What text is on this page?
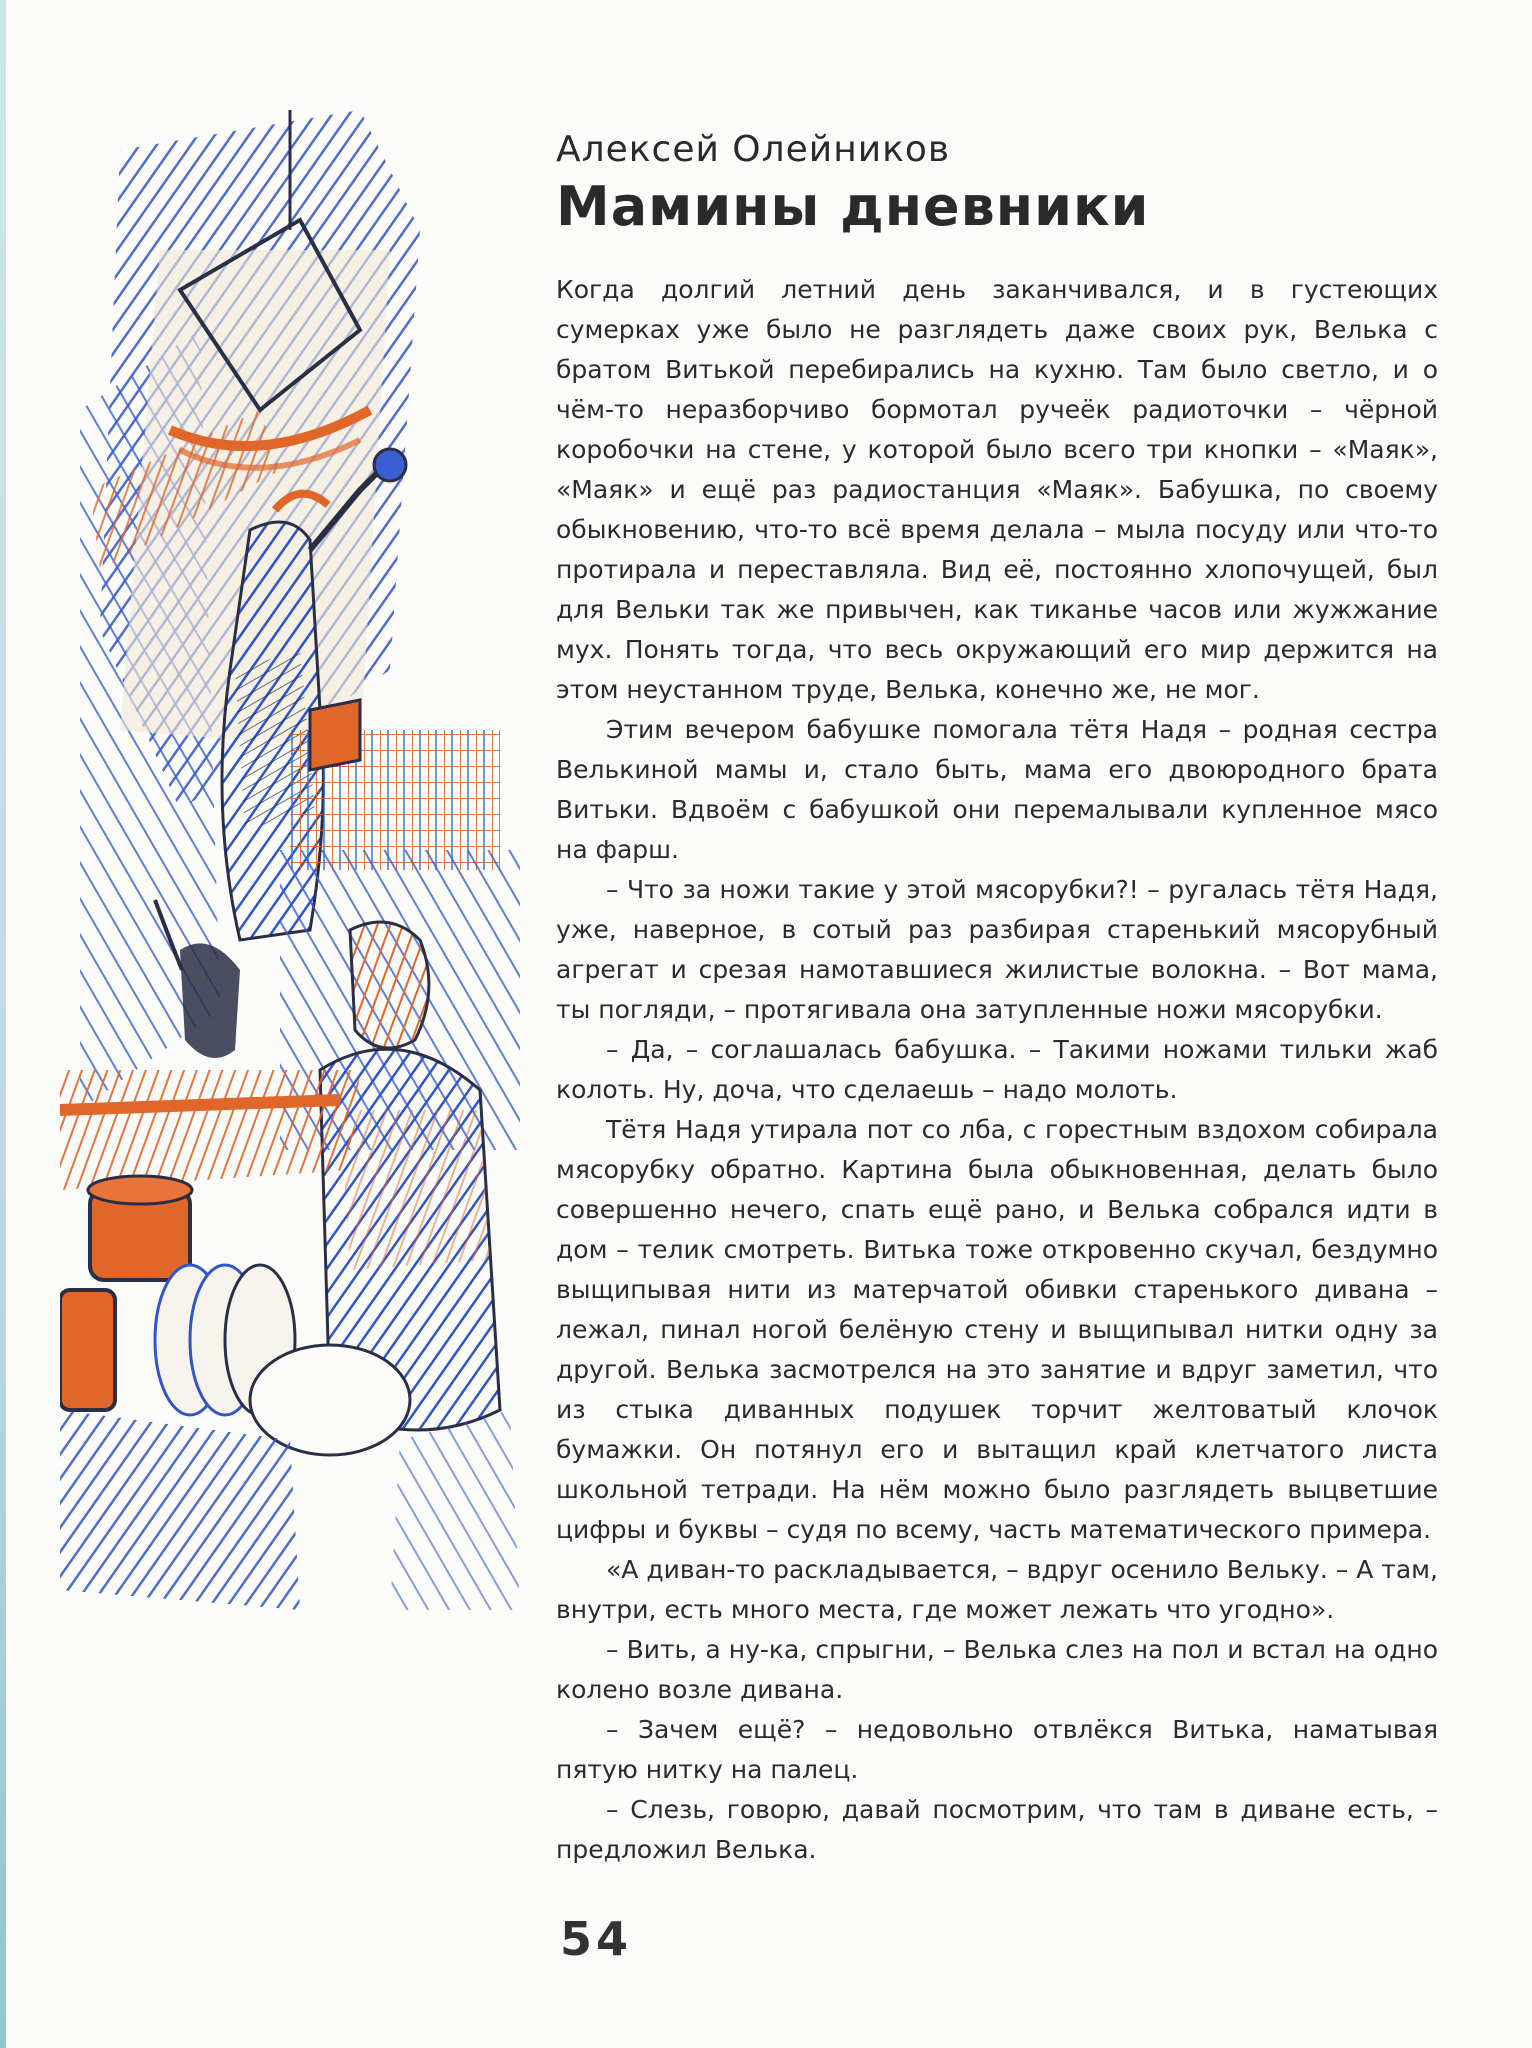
Алексей Олейников
Мамины дневники

Когда долгий летний день заканчивался, и в густеющих сумерках уже было не разглядеть даже своих рук, Велька с братом Витькой перебирались на кухню. Там было светло, и о чём-то неразборчиво бормотал ручеёк радиоточки – чёрной коробочки на стене, у которой было всего три кнопки – «Маяк», «Маяк» и ещё раз радиостанция «Маяк». Бабушка, по своему обыкновению, что-то всё время делала – мыла посуду или что-то протирала и переставляла. Вид её, постоянно хлопочущей, был для Вельки так же привычен, как тиканье часов или жужжание мух. Понять тогда, что весь окружающий его мир держится на этом неустанном труде, Велька, конечно же, не мог.

Этим вечером бабушке помогала тётя Надя – родная сестра Велькиной мамы и, стало быть, мама его двоюродного брата Витьки. Вдвоём с бабушкой они перемалывали купленное мясо на фарш.

– Что за ножи такие у этой мясорубки?! – ругалась тётя Надя, уже, наверное, в сотый раз разбирая старенький мясорубный агрегат и срезая намотавшиеся жилистые волокна. – Вот мама, ты погляди, – протягивала она затупленные ножи мясорубки.

– Да, – соглашалась бабушка. – Такими ножами тильки жаб колоть. Ну, доча, что сделаешь – надо молоть.

Тётя Надя утирала пот со лба, с горестным вздохом собирала мясорубку обратно. Картина была обыкновенная, делать было совершенно нечего, спать ещё рано, и Велька собрался идти в дом – телик смотреть. Витька тоже откровенно скучал, бездумно выщипывая нити из матерчатой обивки старенького дивана – лежал, пинал ногой белёную стену и выщипывал нитки одну за другой. Велька засмотрелся на это занятие и вдруг заметил, что из стыка диванных подушек торчит желтоватый клочок бумажки. Он потянул его и вытащил край клетчатого листа школьной тетради. На нём можно было разглядеть выцветшие цифры и буквы – судя по всему, часть математического примера.

«А диван-то раскладывается, – вдруг осенило Вельку. – А там, внутри, есть много места, где может лежать что угодно».

– Вить, а ну-ка, спрыгни, – Велька слез на пол и встал на одно колено возле дивана.

– Зачем ещё? – недовольно отвлёкся Витька, наматывая пятую нитку на палец.

– Слезь, говорю, давай посмотрим, что там в диване есть, – предложил Велька.

54
